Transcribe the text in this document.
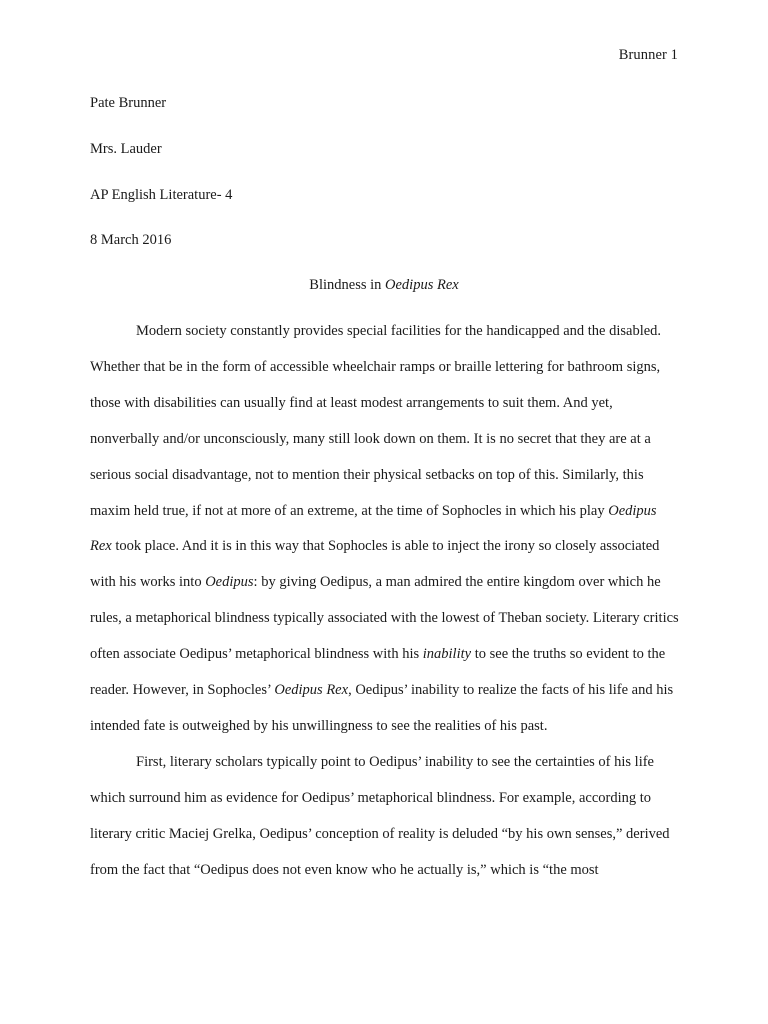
Brunner 1
Pate Brunner
Mrs. Lauder
AP English Literature- 4
8 March 2016
Blindness in Oedipus Rex

Modern society constantly provides special facilities for the handicapped and the disabled. Whether that be in the form of accessible wheelchair ramps or braille lettering for bathroom signs, those with disabilities can usually find at least modest arrangements to suit them. And yet, nonverbally and/or unconsciously, many still look down on them. It is no secret that they are at a serious social disadvantage, not to mention their physical setbacks on top of this. Similarly, this maxim held true, if not at more of an extreme, at the time of Sophocles in which his play Oedipus Rex took place. And it is in this way that Sophocles is able to inject the irony so closely associated with his works into Oedipus: by giving Oedipus, a man admired the entire kingdom over which he rules, a metaphorical blindness typically associated with the lowest of Theban society. Literary critics often associate Oedipus’ metaphorical blindness with his inability to see the truths so evident to the reader. However, in Sophocles’ Oedipus Rex, Oedipus’ inability to realize the facts of his life and his intended fate is outweighed by his unwillingness to see the realities of his past.

First, literary scholars typically point to Oedipus’ inability to see the certainties of his life which surround him as evidence for Oedipus’ metaphorical blindness. For example, according to literary critic Maciej Grelka, Oedipus’ conception of reality is deluded “by his own senses,” derived from the fact that “Oedipus does not even know who he actually is,” which is “the most
